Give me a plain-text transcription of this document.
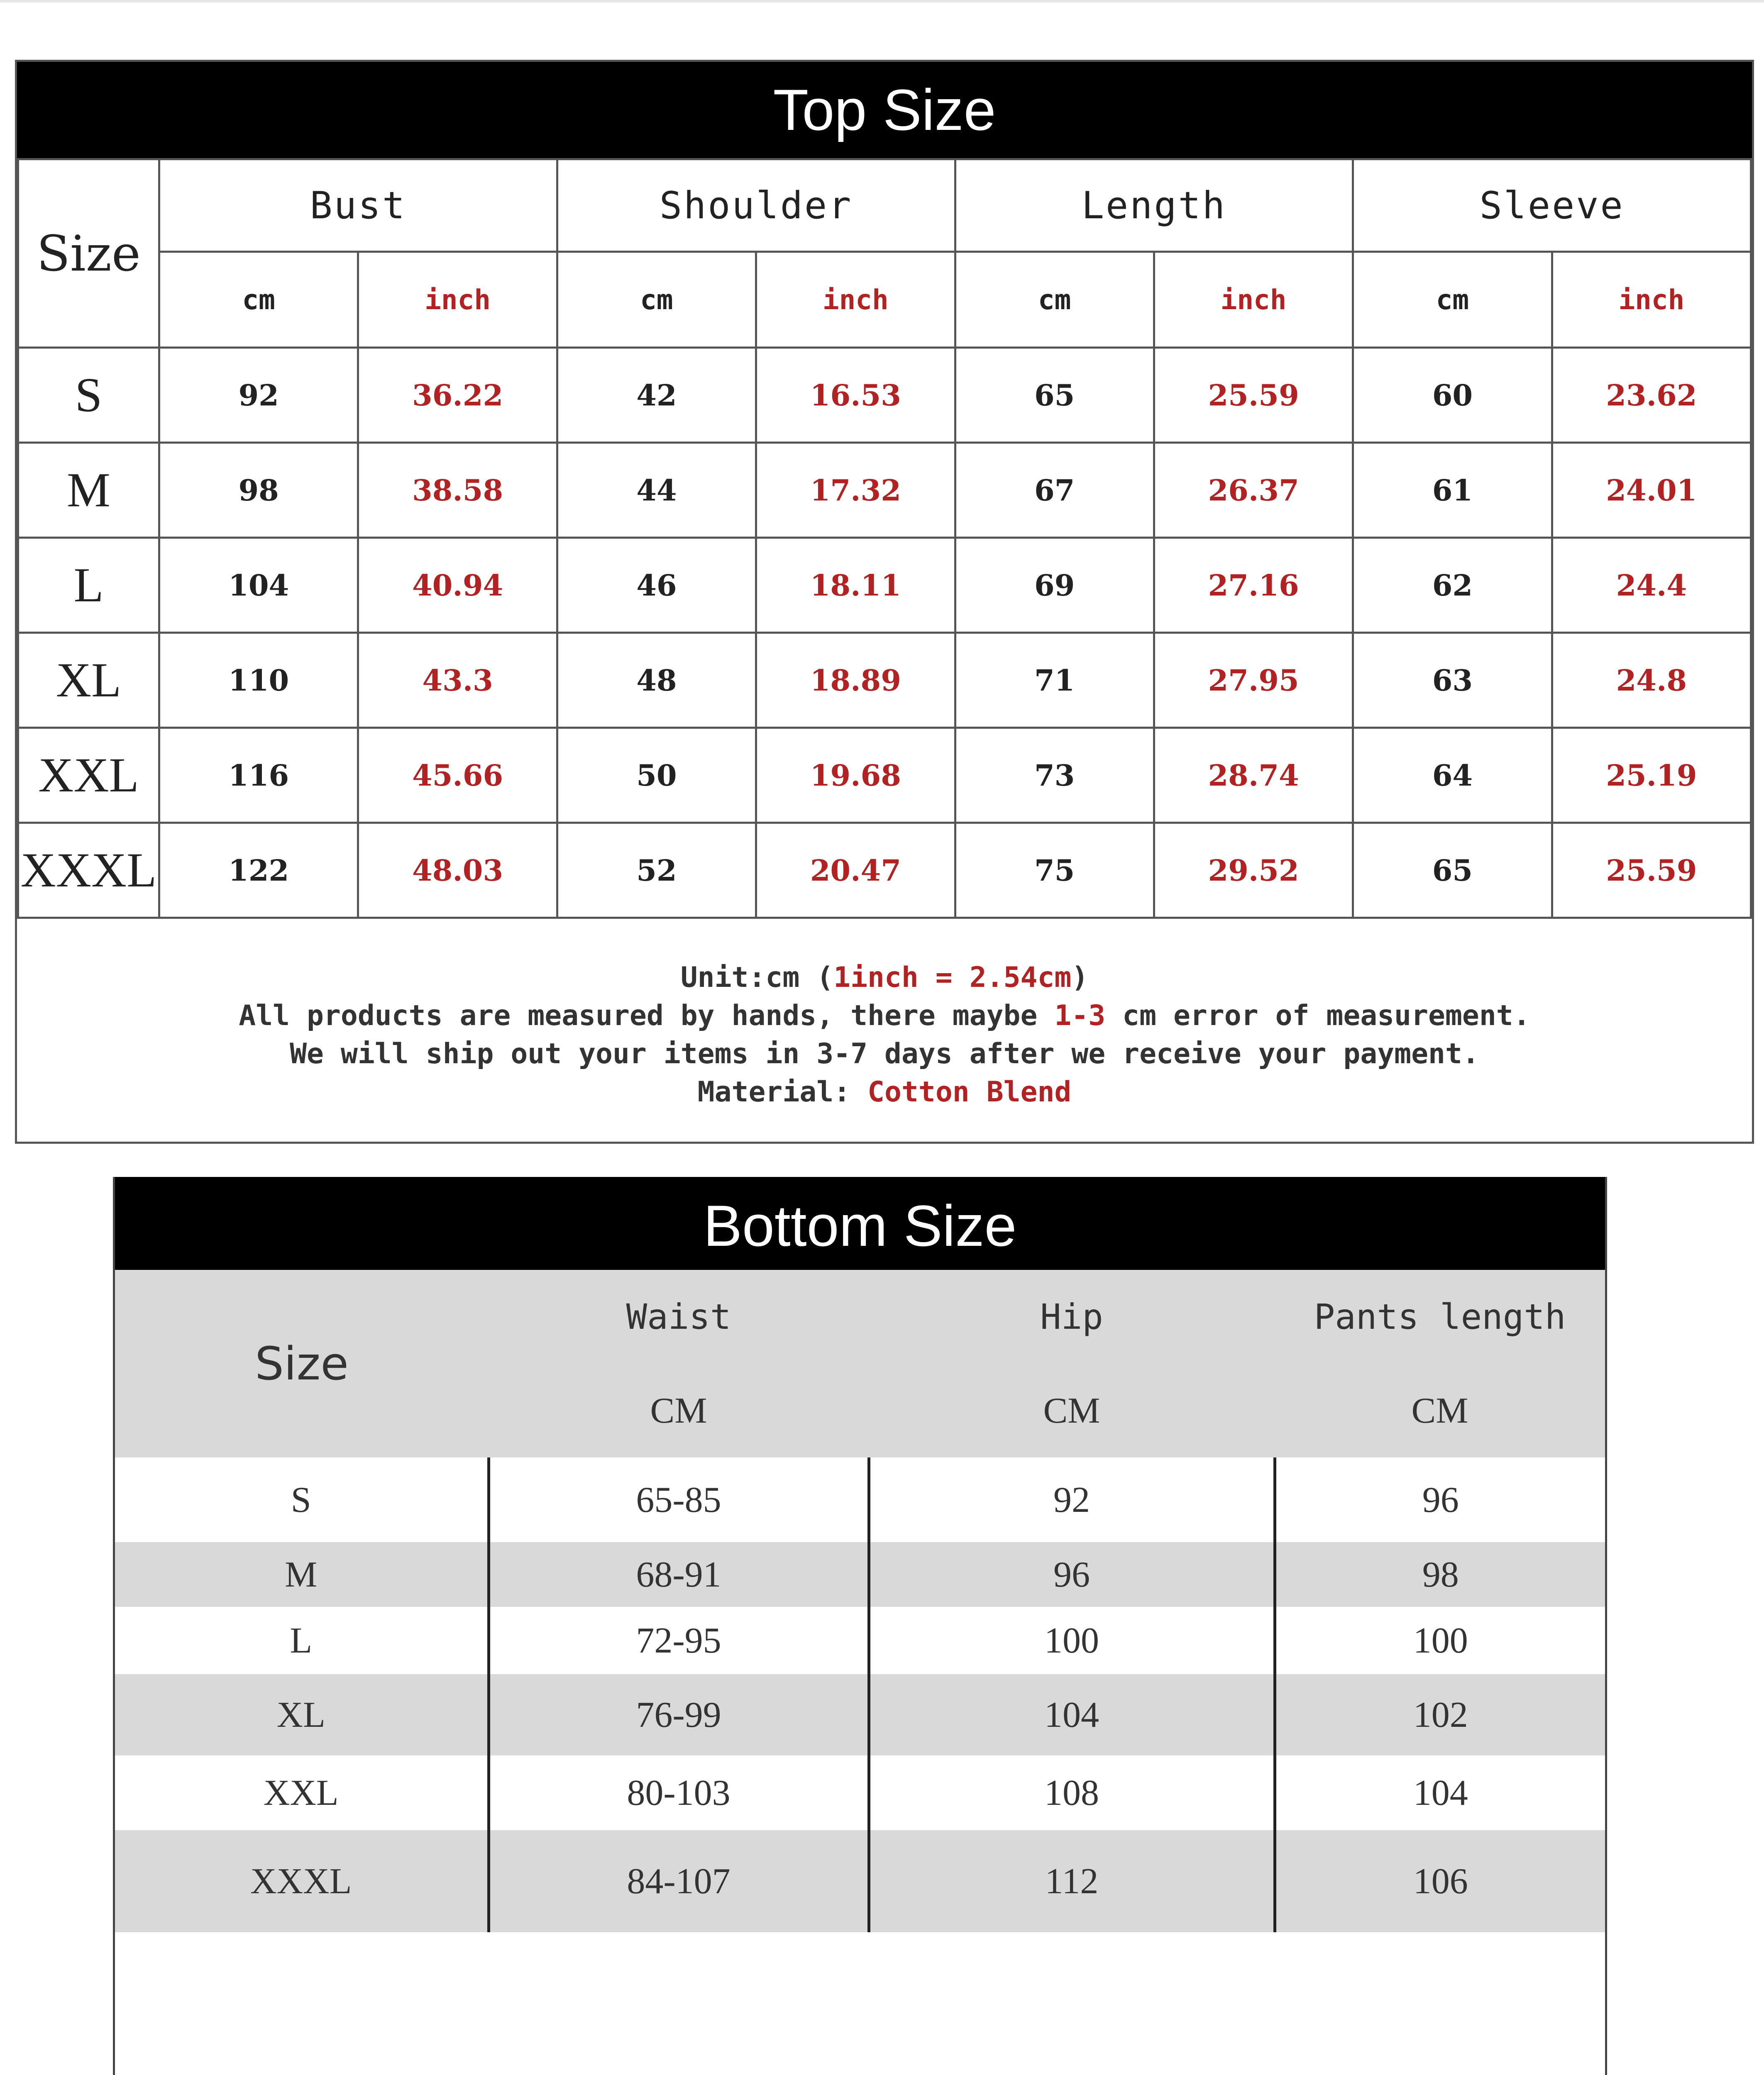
Top Size
Size	Bust		Shoulder		Length		Sleeve	
	cm	inch	cm	inch	cm	inch	cm	inch
S	92	36.22	42	16.53	65	25.59	60	23.62
M	98	38.58	44	17.32	67	26.37	61	24.01
L	104	40.94	46	18.11	69	27.16	62	24.4
XL	110	43.3	48	18.89	71	27.95	63	24.8
XXL	116	45.66	50	19.68	73	28.74	64	25.19
XXXL	122	48.03	52	20.47	75	29.52	65	25.59
Unit:cm (1inch = 2.54cm)
All products are measured by hands, there maybe 1-3 cm error of measurement.
We will ship out your items in 3-7 days after we receive your payment.
Material: Cotton Blend
Bottom Size
Size	Waist	Hip	Pants length
	CM	CM	CM
S	65-85	92	96
M	68-91	96	98
L	72-95	100	100
XL	76-99	104	102
XXL	80-103	108	104
XXXL	84-107	112	106
